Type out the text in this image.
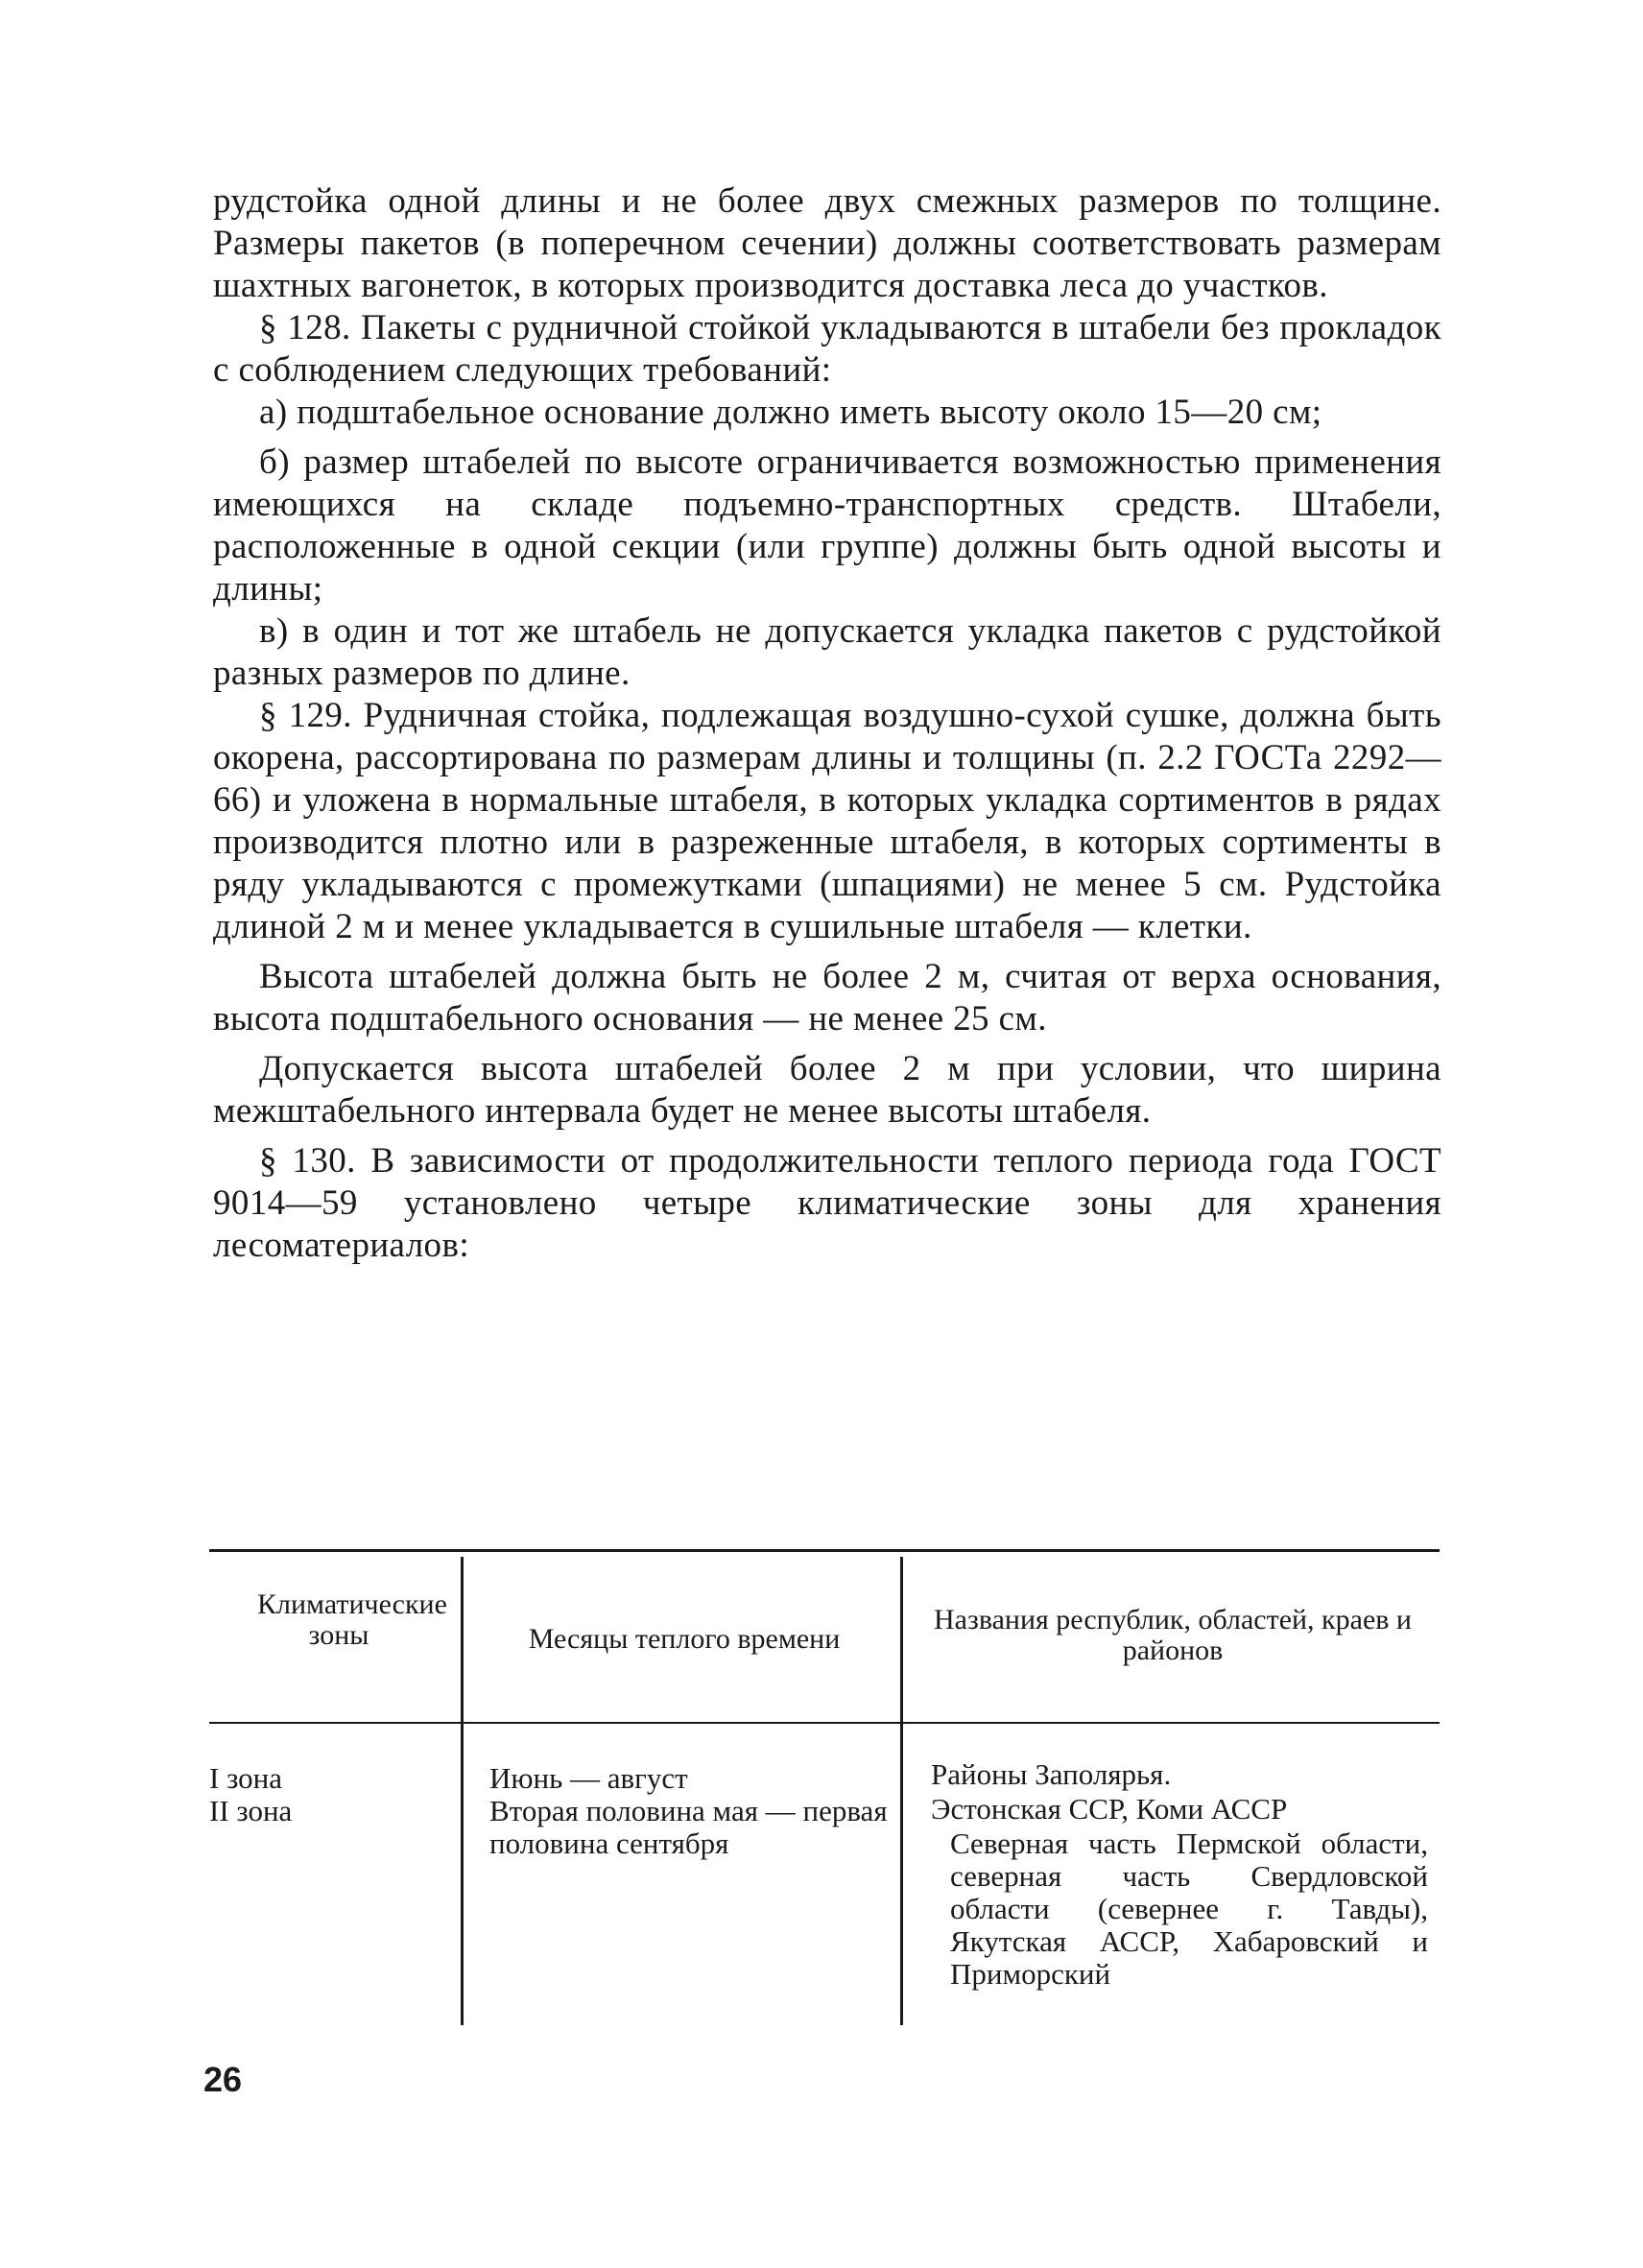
рудстойка одной длины и не более двух смежных размеров по толщине. Размеры пакетов (в поперечном сечении) должны соответствовать размерам шахтных вагонеток, в которых производится доставка леса до участков.

§ 128. Пакеты с рудничной стойкой укладываются в штабели без прокладок с соблюдением следующих требований:

а) подштабельное основание должно иметь высоту около 15—20 см;

б) размер штабелей по высоте ограничивается возможностью применения имеющихся на складе подъемно-транспортных средств. Штабели, расположенные в одной секции (или группе) должны быть одной высоты и длины;

в) в один и тот же штабель не допускается укладка пакетов с рудстойкой разных размеров по длине.

§ 129. Рудничная стойка, подлежащая воздушно-сухой сушке, должна быть окорена, рассортирована по размерам длины и толщины (п. 2.2 ГОСТа 2292—66) и уложена в нормальные штабеля, в которых укладка сортиментов в рядах производится плотно или в разреженные штабеля, в которых сортименты в ряду укладываются с промежутками (шпациями) не менее 5 см. Рудстойка длиной 2 м и менее укладывается в сушильные штабеля — клетки.

Высота штабелей должна быть не более 2 м, считая от верха основания, высота подштабельного основания — не менее 25 см.

Допускается высота штабелей более 2 м при условии, что ширина межштабельного интервала будет не менее высоты штабеля.

§ 130. В зависимости от продолжительности теплого периода года ГОСТ 9014—59 установлено четыре климатические зоны для хранения лесоматериалов:

Климатические зоны	Месяцы теплого времени
Названия республик, областей, краев и районов
I зона
II зона
Июнь — август
Вторая половина мая — первая половина сентября
Районы Заполярья.
Эстонская ССР, Коми АССР
Северная часть Пермской области, северная часть Свердловской области (севернее г. Тавды), Якутская АССР, Хабаровский и Приморский
26
